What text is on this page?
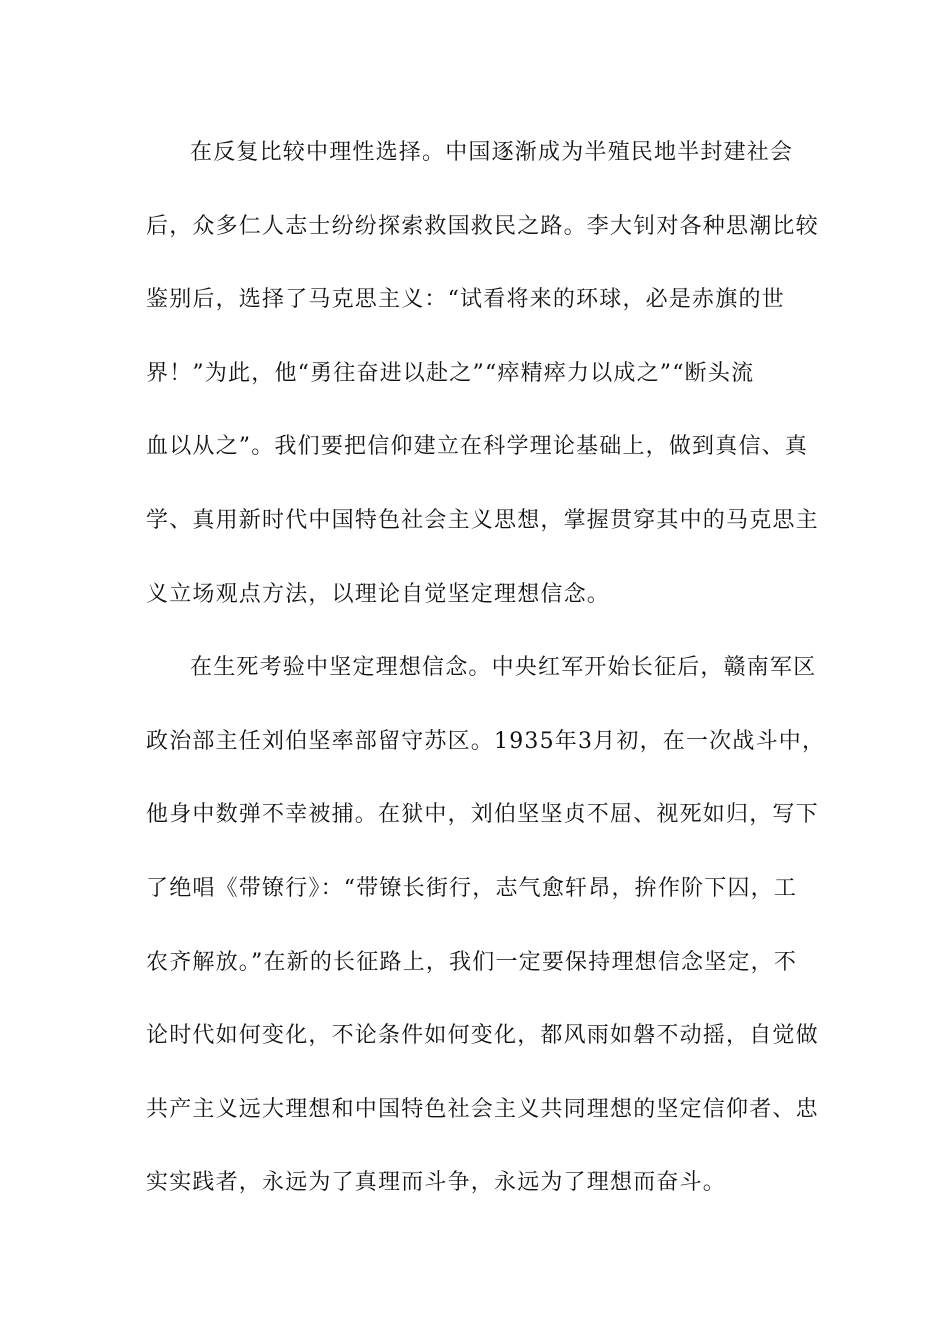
在反复比较中理性选择。中国逐渐成为半殖民地半封建社会
后，众多仁人志士纷纷探索救国救民之路。李大钊对各种思潮比较
鉴别后，选择了马克思主义：“试看将来的环球，必是赤旗的世
界！”为此，他“勇往奋进以赴之”“瘁精瘁力以成之”“断头流
血以从之”。我们要把信仰建立在科学理论基础上，做到真信、真
学、真用新时代中国特色社会主义思想，掌握贯穿其中的马克思主
义立场观点方法，以理论自觉坚定理想信念。
在生死考验中坚定理想信念。中央红军开始长征后，赣南军区
政治部主任刘伯坚率部留守苏区。1935年3月初，在一次战斗中，
他身中数弹不幸被捕。在狱中，刘伯坚坚贞不屈、视死如归，写下
了绝唱《带镣行》：“带镣长街行，志气愈轩昂，拚作阶下囚，工
农齐解放。”在新的长征路上，我们一定要保持理想信念坚定，不
论时代如何变化，不论条件如何变化，都风雨如磐不动摇，自觉做
共产主义远大理想和中国特色社会主义共同理想的坚定信仰者、忠
实实践者，永远为了真理而斗争，永远为了理想而奋斗。
